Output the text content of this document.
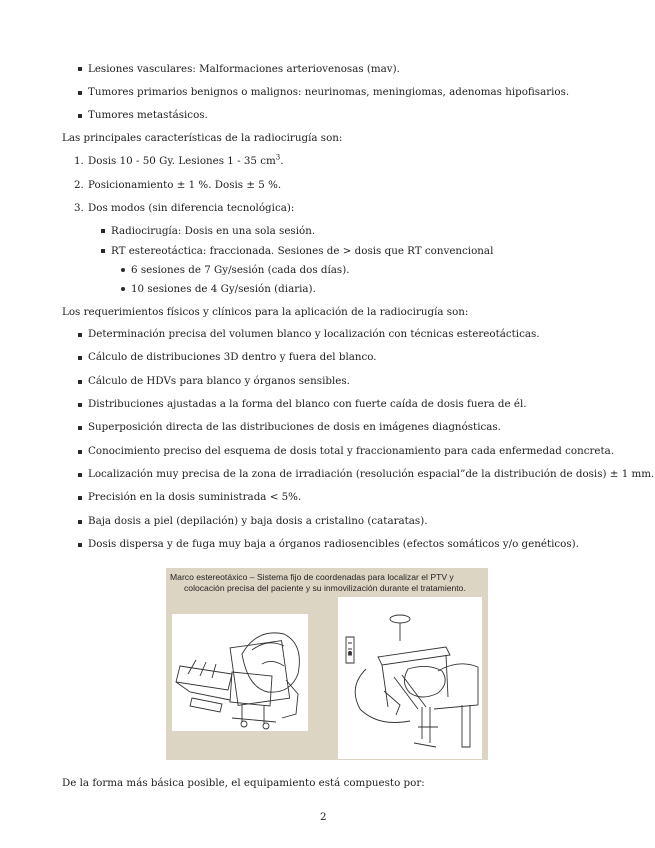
Lesiones vasculares: Malformaciones arteriovenosas (mav).
Tumores primarios benignos o malignos: neurinomas, meningiomas, adenomas hipofisarios.
Tumores metastásicos.
Las principales características de la radiocirugía son:
1. Dosis 10 - 50 Gy. Lesiones 1 - 35 $cm^3$.
2. Posicionamiento ± 1 %. Dosis ± 5 %.
3. Dos modos (sin diferencia tecnológica):
Radiocirugía: Dosis en una sola sesión.
RT estereotáctica: fraccionada. Sesiones de > dosis que RT convencional
6 sesiones de 7 Gy/sesión (cada dos días).
10 sesiones de 4 Gy/sesión (diaria).
Los requerimientos físicos y clínicos para la aplicación de la radiocirugía son:
Determinación precisa del volumen blanco y localización con técnicas estereotácticas.
Cálculo de distribuciones 3D dentro y fuera del blanco.
Cálculo de HDVs para blanco y órganos sensibles.
Distribuciones ajustadas a la forma del blanco con fuerte caída de dosis fuera de él.
Superposición directa de las distribuciones de dosis en imágenes diagnósticas.
Conocimiento preciso del esquema de dosis total y fraccionamiento para cada enfermedad concreta.
Localización muy precisa de la zona de irradiación (resolución espacial”de la distribución de dosis) ± 1 mm.
Precisión en la dosis suministrada < 5%.
Baja dosis a piel (depilación) y baja dosis a cristalino (cataratas).
Dosis dispersa y de fuga muy baja a órganos radiosencibles (efectos somáticos y/o genéticos).
Marco estereotáxico – Sistema fijo de coordenadas para localizar el PTV y
colocación precisa del paciente y su inmovilización durante el tratamiento.
De la forma más básica posible, el equipamiento está compuesto por:
2
